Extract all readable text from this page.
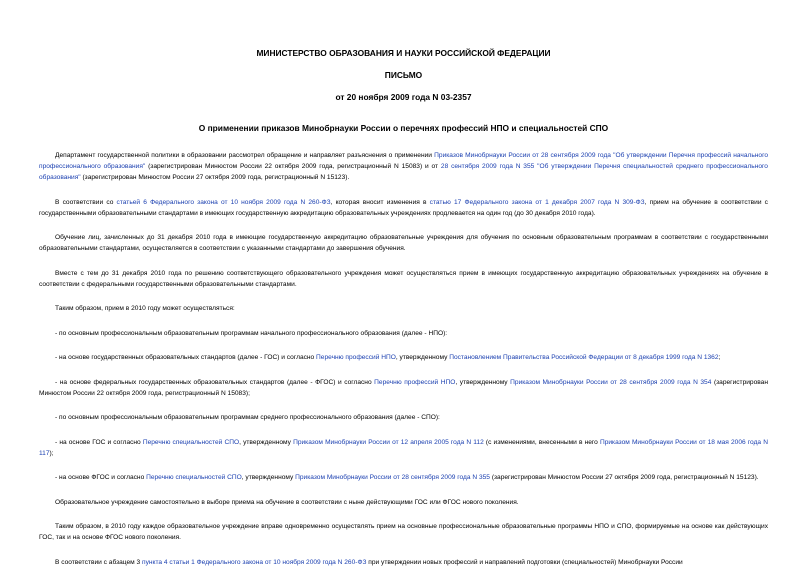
МИНИСТЕРСТВО ОБРАЗОВАНИЯ И НАУКИ РОССИЙСКОЙ ФЕДЕРАЦИИ
ПИСЬМО
от 20 ноября 2009 года N 03-2357
О применении приказов Минобрнауки России о перечнях профессий НПО и специальностей СПО

Департамент государственной политики в образовании рассмотрел обращение и направляет разъяснения о применении Приказов Минобрнауки России от 28 сентября 2009 года "Об утверждении Перечня профессий начального профессионального образования" (зарегистрирован Минюстом России 22 октября 2009 года, регистрационный N 15083) и от 28 сентября 2009 года N 355 "Об утверждении Перечня специальностей среднего профессионального образования" (зарегистрирован Минюстом России 27 октября 2009 года, регистрационный N 15123).

В соответствии со статьей 6 Федерального закона от 10 ноября 2009 года N 260-ФЗ, которая вносит изменения в статью 17 Федерального закона от 1 декабря 2007 года N 309-ФЗ, прием на обучение в соответствии с государственными образовательными стандартами в имеющих государственную аккредитацию образовательных учреждениях продлевается на один год (до 30 декабря 2010 года).

Обучение лиц, зачисленных до 31 декабря 2010 года в имеющие государственную аккредитацию образовательные учреждения для обучения по основным образовательным программам в соответствии с государственными образовательными стандартами, осуществляется в соответствии с указанными стандартами до завершения обучения.

Вместе с тем до 31 декабря 2010 года по решению соответствующего образовательного учреждения может осуществляться прием в имеющих государственную аккредитацию образовательных учреждениях на обучение в соответствии с федеральными государственными образовательными стандартами.

Таким образом, прием в 2010 году может осуществляться:

- по основным профессиональным образовательным программам начального профессионального образования (далее - НПО):

- на основе государственных образовательных стандартов (далее - ГОС) и согласно Перечню профессий НПО, утвержденному Постановлением Правительства Российской Федерации от 8 декабря 1999 года N 1362;

- на основе федеральных государственных образовательных стандартов (далее - ФГОС) и согласно Перечню профессий НПО, утвержденному Приказом Минобрнауки России от 28 сентября 2009 года N 354 (зарегистрирован Минюстом России 22 октября 2009 года, регистрационный N 15083);

- по основным профессиональным образовательным программам среднего профессионального образования (далее - СПО):

- на основе ГОС и согласно Перечню специальностей СПО, утвержденному Приказом Минобрнауки России от 12 апреля 2005 года N 112 (с изменениями, внесенными в него Приказом Минобрнауки России от 18 мая 2006 года N 117);

- на основе ФГОС и согласно Перечню специальностей СПО, утвержденному Приказом Минобрнауки России от 28 сентября 2009 года N 355 (зарегистрирован Минюстом России 27 октября 2009 года, регистрационный N 15123).

Образовательное учреждение самостоятельно в выборе приема на обучение в соответствии с ныне действующими ГОС или ФГОС нового поколения.

Таким образом, в 2010 году каждое образовательное учреждение вправе одновременно осуществлять прием на основные профессиональные образовательные программы НПО и СПО, формируемые на основе как действующих ГОС, так и на основе ФГОС нового поколения.

В соответствии с абзацем 3 пункта 4 статьи 1 Федерального закона от 10 ноября 2009 года N 260-ФЗ при утверждении новых профессий и направлений подготовки (специальностей) Минобрнауки России
